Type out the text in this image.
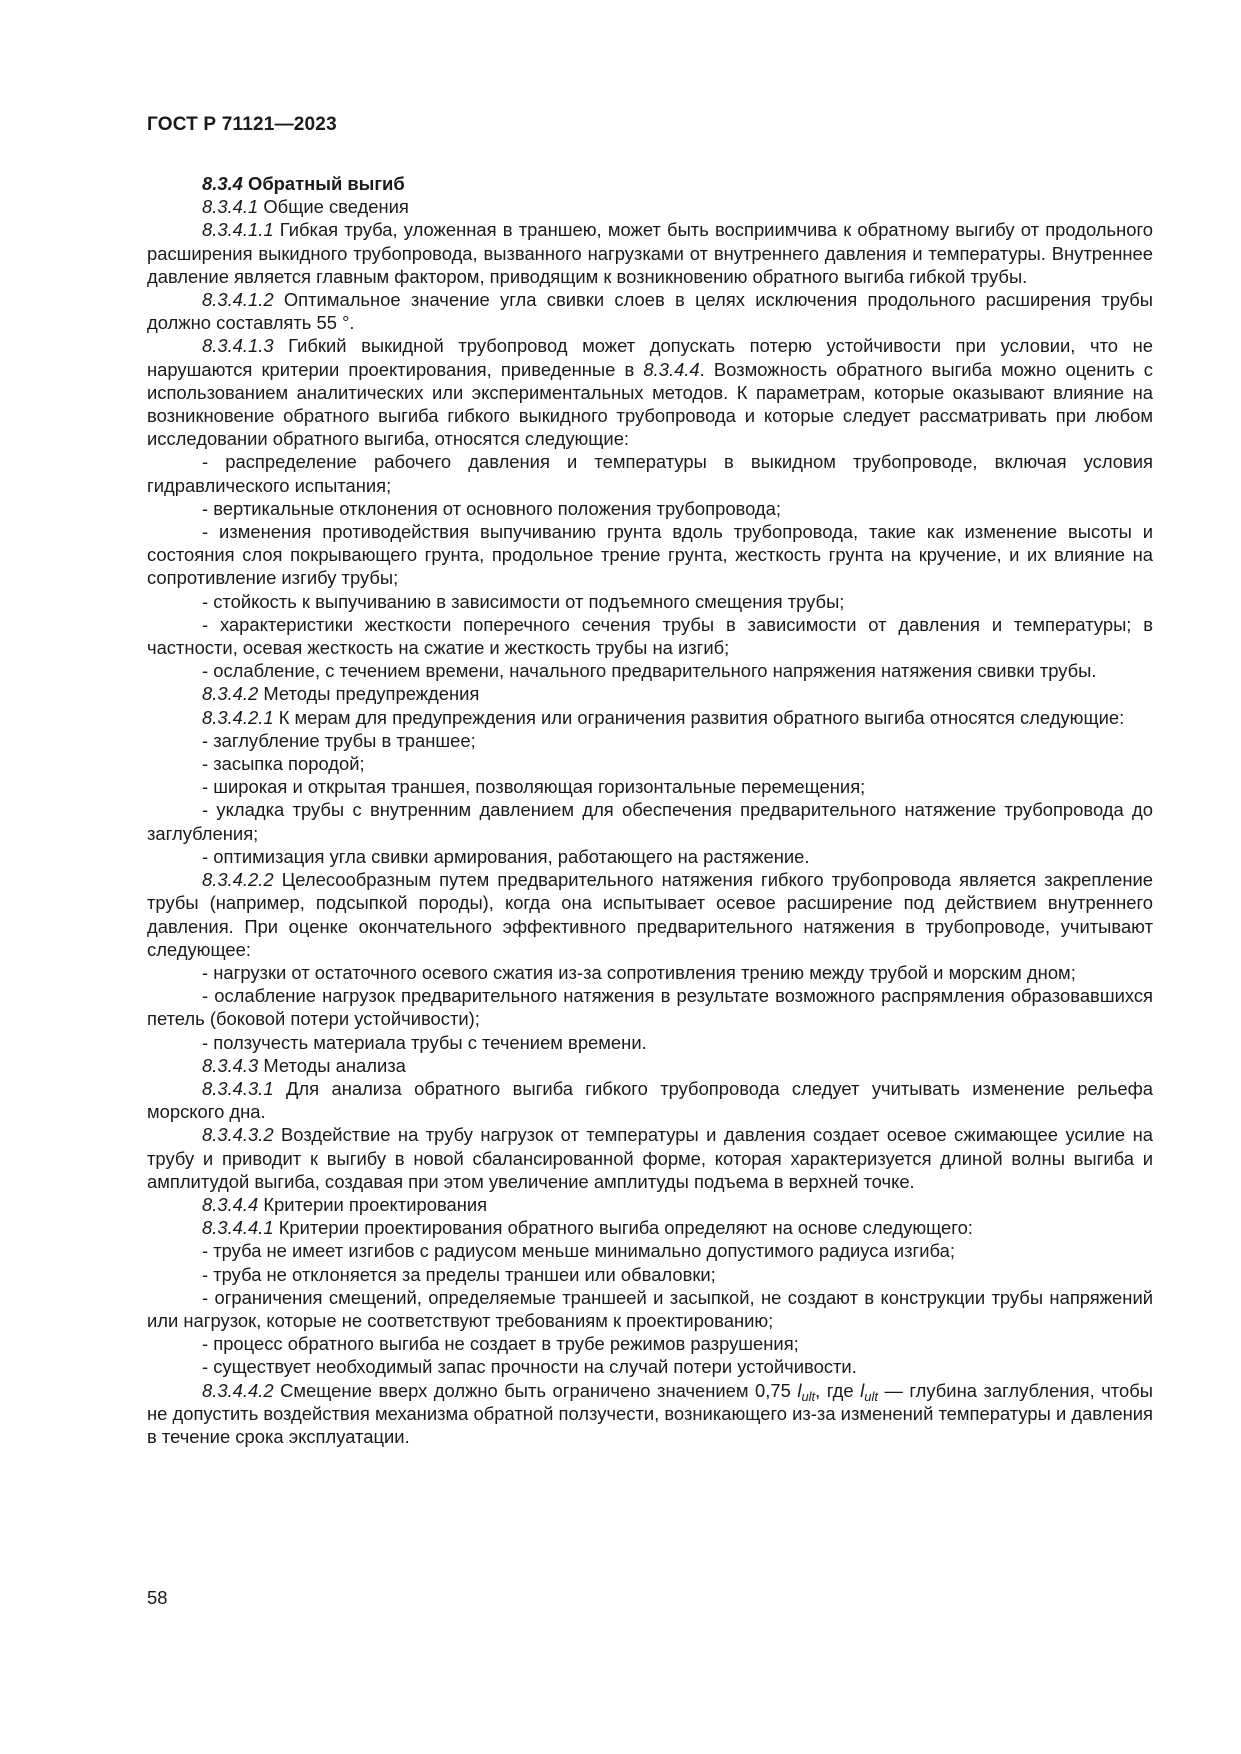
ГОСТ Р 71121—2023

8.3.4 Обратный выгиб

8.3.4.1 Общие сведения

8.3.4.1.1 Гибкая труба, уложенная в траншею, может быть восприимчива к обратному выгибу от продольного расширения выкидного трубопровода, вызванного нагрузками от внутреннего давления и температуры. Внутреннее давление является главным фактором, приводящим к возникновению обратного выгиба гибкой трубы.

8.3.4.1.2 Оптимальное значение угла свивки слоев в целях исключения продольного расширения трубы должно составлять 55 °.

8.3.4.1.3 Гибкий выкидной трубопровод может допускать потерю устойчивости при условии, что не нарушаются критерии проектирования, приведенные в 8.3.4.4. Возможность обратного выгиба можно оценить с использованием аналитических или экспериментальных методов. К параметрам, которые оказывают влияние на возникновение обратного выгиба гибкого выкидного трубопровода и которые следует рассматривать при любом исследовании обратного выгиба, относятся следующие:

- распределение рабочего давления и температуры в выкидном трубопроводе, включая условия гидравлического испытания;

- вертикальные отклонения от основного положения трубопровода;

- изменения противодействия выпучиванию грунта вдоль трубопровода, такие как изменение высоты и состояния слоя покрывающего грунта, продольное трение грунта, жесткость грунта на кручение, и их влияние на сопротивление изгибу трубы;

- стойкость к выпучиванию в зависимости от подъемного смещения трубы;

- характеристики жесткости поперечного сечения трубы в зависимости от давления и температуры; в частности, осевая жесткость на сжатие и жесткость трубы на изгиб;

- ослабление, с течением времени, начального предварительного напряжения натяжения свивки трубы.

8.3.4.2 Методы предупреждения

8.3.4.2.1 К мерам для предупреждения или ограничения развития обратного выгиба относятся следующие:

- заглубление трубы в траншее;

- засыпка породой;

- широкая и открытая траншея, позволяющая горизонтальные перемещения;

- укладка трубы с внутренним давлением для обеспечения предварительного натяжение трубопровода до заглубления;

- оптимизация угла свивки армирования, работающего на растяжение.

8.3.4.2.2 Целесообразным путем предварительного натяжения гибкого трубопровода является закрепление трубы (например, подсыпкой породы), когда она испытывает осевое расширение под действием внутреннего давления. При оценке окончательного эффективного предварительного натяжения в трубопроводе, учитывают следующее:

- нагрузки от остаточного осевого сжатия из-за сопротивления трению между трубой и морским дном;

- ослабление нагрузок предварительного натяжения в результате возможного распрямления образовавшихся петель (боковой потери устойчивости);

- ползучесть материала трубы с течением времени.

8.3.4.3 Методы анализа

8.3.4.3.1 Для анализа обратного выгиба гибкого трубопровода следует учитывать изменение рельефа морского дна.

8.3.4.3.2 Воздействие на трубу нагрузок от температуры и давления создает осевое сжимающее усилие на трубу и приводит к выгибу в новой сбалансированной форме, которая характеризуется длиной волны выгиба и амплитудой выгиба, создавая при этом увеличение амплитуды подъема в верхней точке.

8.3.4.4 Критерии проектирования

8.3.4.4.1 Критерии проектирования обратного выгиба определяют на основе следующего:

- труба не имеет изгибов с радиусом меньше минимально допустимого радиуса изгиба;

- труба не отклоняется за пределы траншеи или обваловки;

- ограничения смещений, определяемые траншеей и засыпкой, не создают в конструкции трубы напряжений или нагрузок, которые не соответствуют требованиям к проектированию;

- процесс обратного выгиба не создает в трубе режимов разрушения;

- существует необходимый запас прочности на случай потери устойчивости.

8.3.4.4.2 Смещение вверх должно быть ограничено значением 0,75 $l_{ult}$, где $l_{ult}$ — глубина заглубления, чтобы не допустить воздействия механизма обратной ползучести, возникающего из-за изменений температуры и давления в течение срока эксплуатации.

58
